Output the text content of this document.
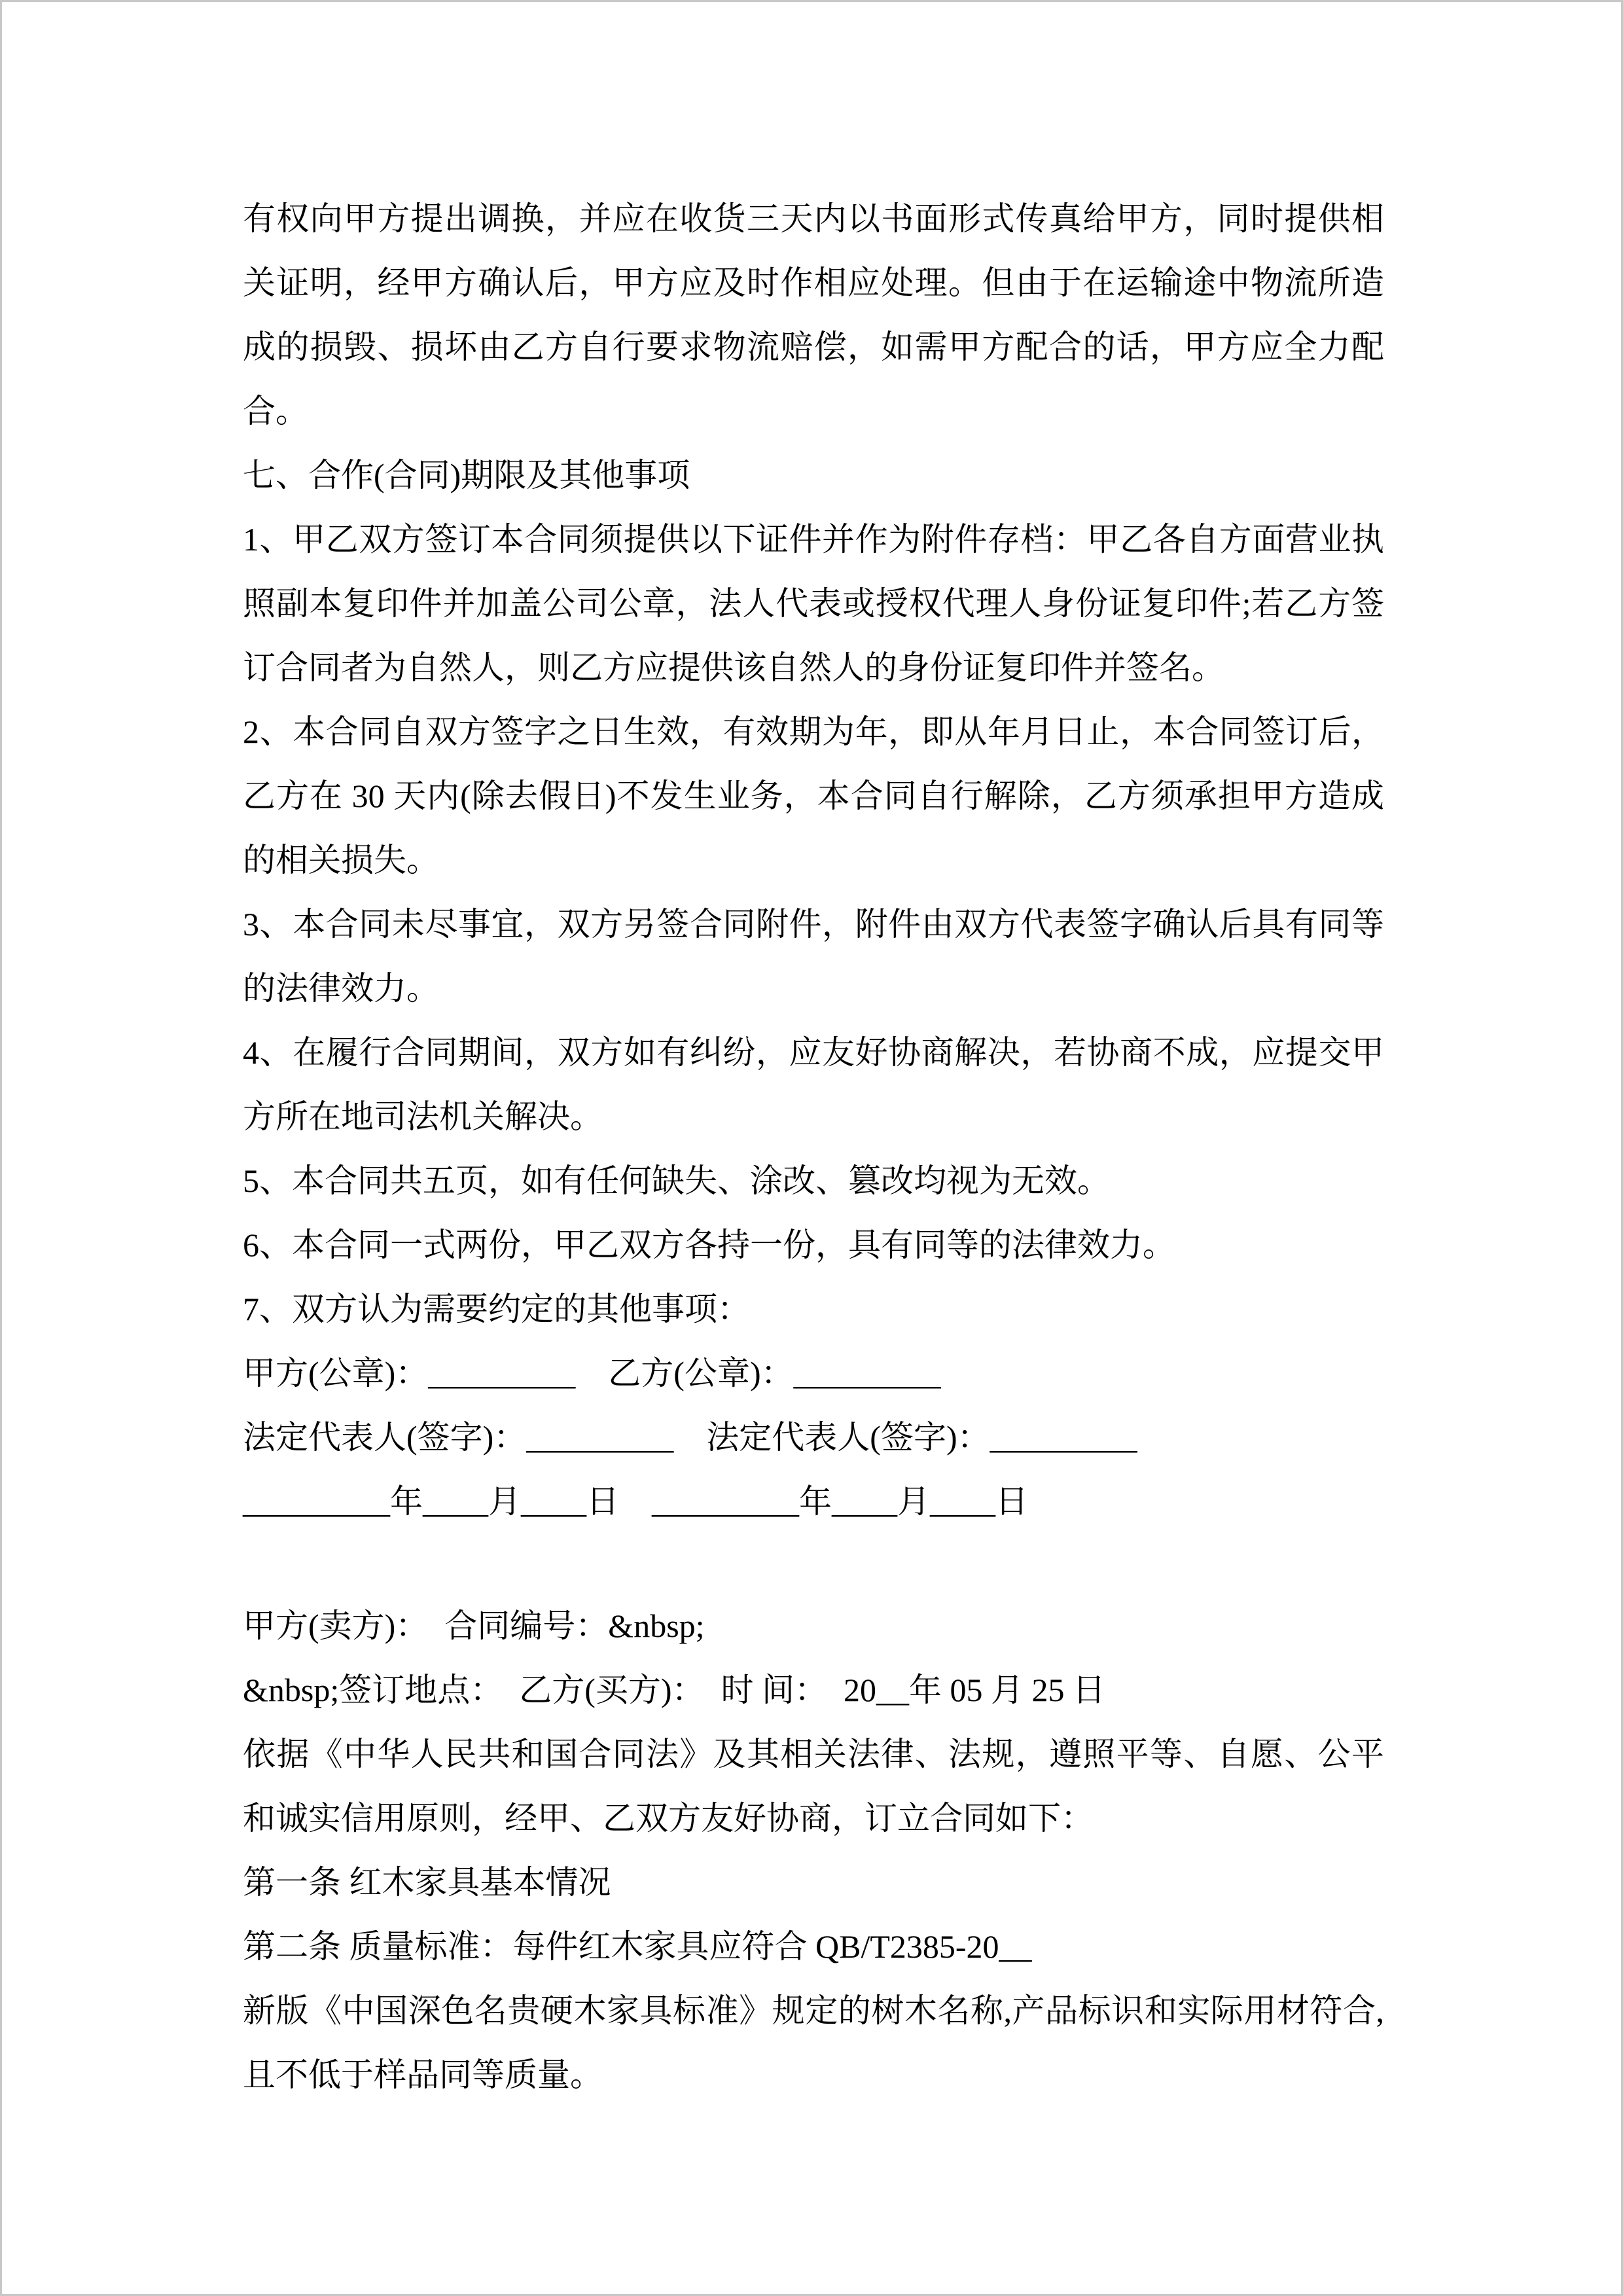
有权向甲方提出调换，并应在收货三天内以书面形式传真给甲方，同时提供相关证明，经甲方确认后，甲方应及时作相应处理。但由于在运输途中物流所造成的损毁、损坏由乙方自行要求物流赔偿，如需甲方配合的话，甲方应全力配合。

七、合作(合同)期限及其他事项

1、甲乙双方签订本合同须提供以下证件并作为附件存档：甲乙各自方面营业执照副本复印件并加盖公司公章，法人代表或授权代理人身份证复印件;若乙方签订合同者为自然人，则乙方应提供该自然人的身份证复印件并签名。

2、本合同自双方签字之日生效，有效期为年，即从年月日止，本合同签订后，乙方在 30 天内(除去假日)不发生业务，本合同自行解除，乙方须承担甲方造成的相关损失。

3、本合同未尽事宜，双方另签合同附件，附件由双方代表签字确认后具有同等的法律效力。

4、在履行合同期间，双方如有纠纷，应友好协商解决，若协商不成，应提交甲方所在地司法机关解决。

5、本合同共五页，如有任何缺失、涂改、篡改均视为无效。

6、本合同一式两份，甲乙双方各持一份，具有同等的法律效力。

7、双方认为需要约定的其他事项：

甲方(公章)：_________　乙方(公章)：_________

法定代表人(签字)：_________　法定代表人(签字)：_________

_________年____月____日　_________年____月____日

甲方(卖方)：　合同编号：&nbsp;

&nbsp;签订地点：　乙方(买方)：　时 间：　20__年 05 月 25 日

依据《中华人民共和国合同法》及其相关法律、法规，遵照平等、自愿、公平和诚实信用原则，经甲、乙双方友好协商，订立合同如下：

第一条 红木家具基本情况

第二条 质量标准：每件红木家具应符合 QB/T2385-20__

新版《中国深色名贵硬木家具标准》规定的树木名称,产品标识和实际用材符合,且不低于样品同等质量。
